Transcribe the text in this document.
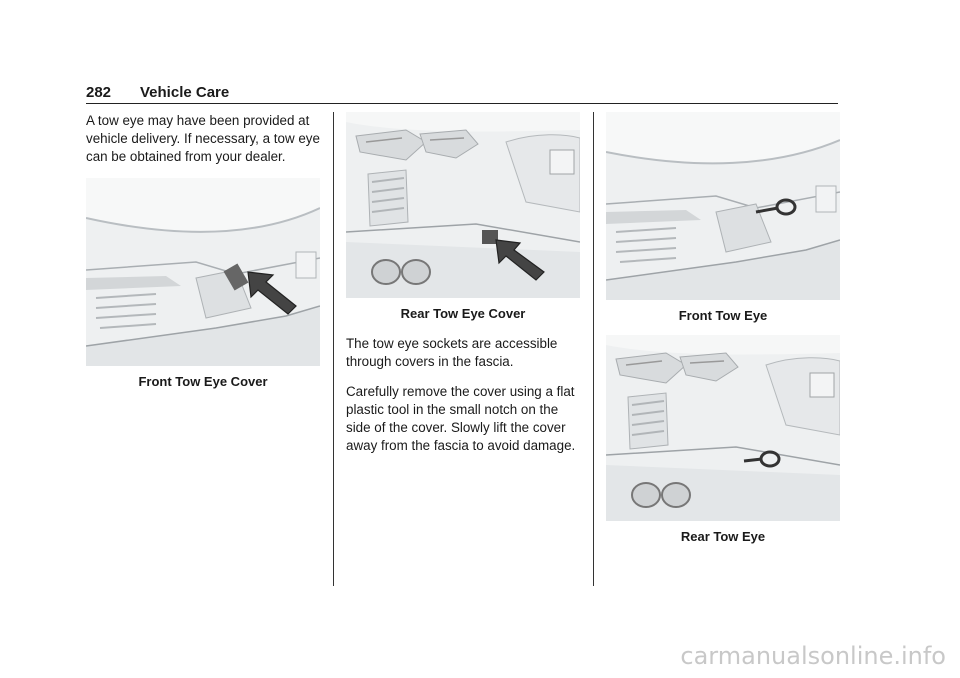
282 Vehicle Care

A tow eye may have been provided at vehicle delivery. If necessary, a tow eye can be obtained from your dealer.

Front Tow Eye Cover
Rear Tow Eye Cover

The tow eye sockets are accessible through covers in the fascia.

Carefully remove the cover using a flat plastic tool in the small notch on the side of the cover. Slowly lift the cover away from the fascia to avoid damage.

Front Tow Eye
Rear Tow Eye
carmanualsonline.info
